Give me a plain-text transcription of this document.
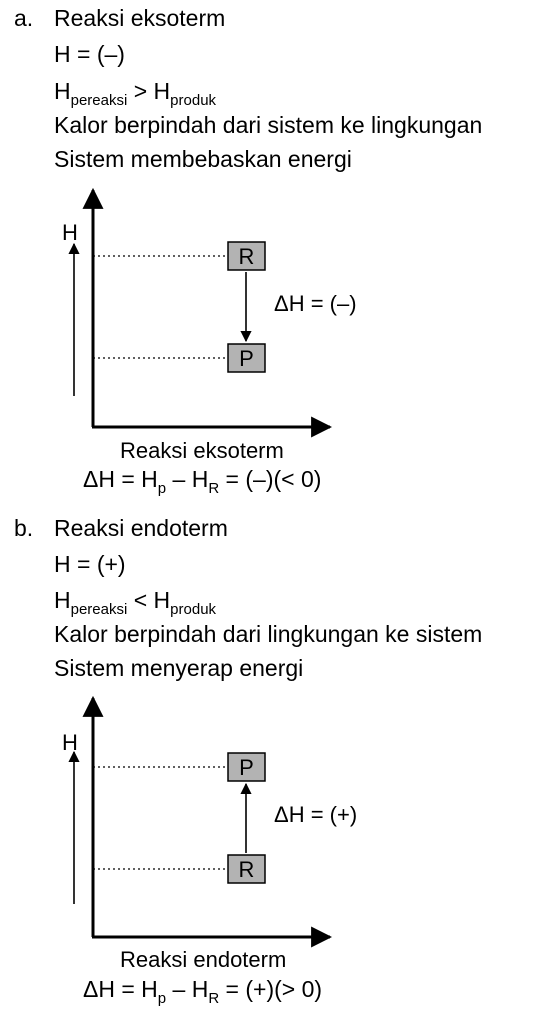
a. Reaksi eksoterm
H = (–)
$H_{pereaksi} > H_{produk}$
Kalor berpindah dari sistem ke lingkungan
Sistem membebaskan energi
H
R
P
ΔH = (–)
Reaksi eksoterm
H
P
R
ΔH = (+)
Reaksi endoterm
$\Delta H = H_p - H_R$ = (–)(< 0)
b. Reaksi endoterm
H = (+)
$H_{pereaksi} < H_{produk}$
Kalor berpindah dari lingkungan ke sistem
Sistem menyerap energi
$\Delta H = H_p - H_R$ = (+)(> 0)
